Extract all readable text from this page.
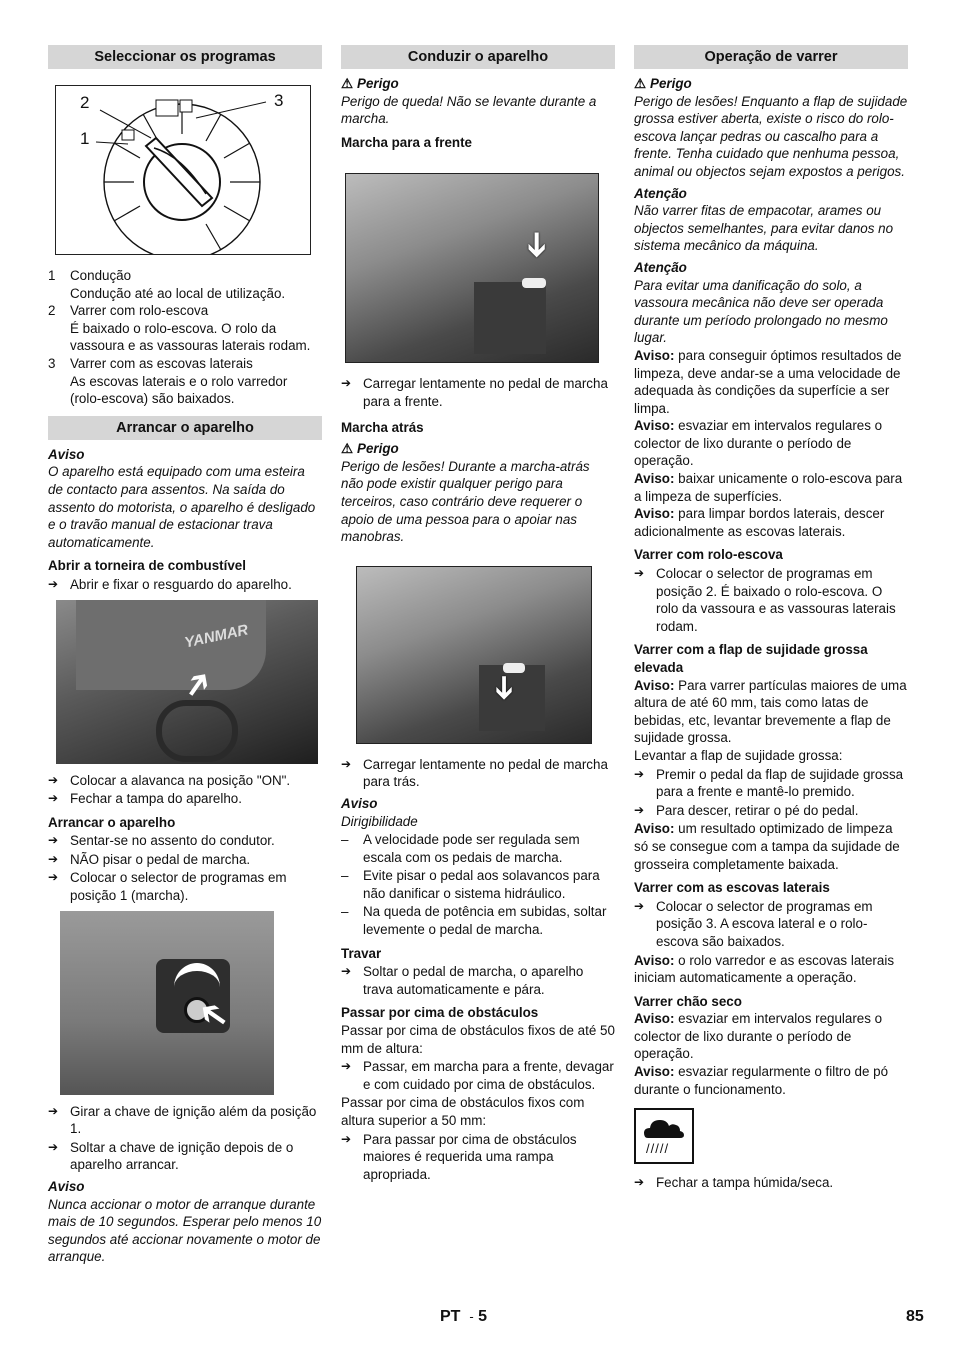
Seleccionar os programas
2
1
3
1	Condução
Condução até ao local de utilização.
2	Varrer com rolo-escova
É baixado o rolo-escova. O rolo da vassoura e as vassouras laterais rodam.
3	Varrer com as escovas laterais
As escovas laterais e o rolo varredor (rolo-escova) são baixados.
Arrancar o aparelho
Aviso

O aparelho está equipado com uma esteira de contacto para assentos. Na saída do assento do motorista, o aparelho é desligado e o travão manual de estacionar trava automaticamente.

Abrir a torneira de combustível
➔ Abrir e fixar o resguardo do aparelho.
YANMAR
➔
➔ Colocar a alavanca na posição "ON".
➔ Fechar a tampa do aparelho.
Arrancar o aparelho
➔ Sentar-se no assento do condutor.
➔ NÃO pisar o pedal de marcha.
➔ Colocar o selector de programas em posição 1 (marcha).
➔
➔ Girar a chave de ignição além da posição 1.
➔ Soltar a chave de ignição depois de o aparelho arrancar.
Aviso

Nunca accionar o motor de arranque durante mais de 10 segundos. Esperar pelo menos 10 segundos até accionar novamente o motor de arranque.

Conduzir o aparelho
⚠ Perigo

Perigo de queda! Não se levante durante a marcha.

Marcha para a frente
➔
➔ Carregar lentamente no pedal de marcha para a frente.
Marcha atrás
⚠ Perigo

Perigo de lesões! Durante a marcha-atrás não pode existir qualquer perigo para terceiros, caso contrário deve requerer o apoio de uma pessoa para o apoiar nas manobras.

➔
➔ Carregar lentamente no pedal de marcha para trás.
Aviso

Dirigibilidade

–	A velocidade pode ser regulada sem escala com os pedais de marcha.
–	Evite pisar o pedal aos solavancos para não danificar o sistema hidráulico.
–	Na queda de potência em subidas, soltar levemente o pedal de marcha.
Travar
➔ Soltar o pedal de marcha, o aparelho trava automaticamente e pára.
Passar por cima de obstáculos

Passar por cima de obstáculos fixos de até 50 mm de altura:

➔ Passar, em marcha para a frente, devagar e com cuidado por cima de obstáculos.

Passar por cima de obstáculos fixos com altura superior a 50 mm:

➔ Para passar por cima de obstáculos maiores é requerida uma rampa apropriada.
Operação de varrer
⚠ Perigo

Perigo de lesões! Enquanto a flap de sujidade grossa estiver aberta, existe o risco do rolo-escova lançar pedras ou cascalho para a frente. Tenha cuidado que nenhuma pessoa, animal ou objectos sejam expostos a perigos.

Atenção

Não varrer fitas de empacotar, arames ou objectos semelhantes, para evitar danos no sistema mecânico da máquina.

Atenção

Para evitar uma danificação do solo, a vassoura mecânica não deve ser operada durante um período prolongado no mesmo lugar.

Aviso: para conseguir óptimos resultados de limpeza, deve andar-se a uma velocidade de adequada às condições da superfície a ser limpa.

Aviso: esvaziar em intervalos regulares o colector de lixo durante o período de operação.

Aviso: baixar unicamente o rolo-escova para a limpeza de superfícies.

Aviso: para limpar bordos laterais, descer adicionalmente as escovas laterais.

Varrer com rolo-escova
➔ Colocar o selector de programas em posição 2. É baixado o rolo-escova. O rolo da vassoura e as vassouras laterais rodam.
Varrer com a flap de sujidade grossa elevada

Aviso: Para varrer partículas maiores de uma altura de até 60 mm, tais como latas de bebidas, etc, levantar brevemente a flap de sujidade grossa.

Levantar a flap de sujidade grossa:

➔ Premir o pedal da flap de sujidade grossa para a frente e mantê-lo premido.
➔ Para descer, retirar o pé do pedal.

Aviso: um resultado optimizado de limpeza só se consegue com a tampa da sujidade de grosseira completamente baixada.

Varrer com as escovas laterais
➔ Colocar o selector de programas em posição 3. A escova lateral e o rolo-escova são baixados.

Aviso: o rolo varredor e as escovas laterais iniciam automaticamente a operação.

Varrer chão seco

Aviso: esvaziar em intervalos regulares o colector de lixo durante o período de operação.

Aviso: esvaziar regularmente o filtro de pó durante o funcionamento.

/////
➔ Fechar a tampa húmida/seca.
PT - 5	85
